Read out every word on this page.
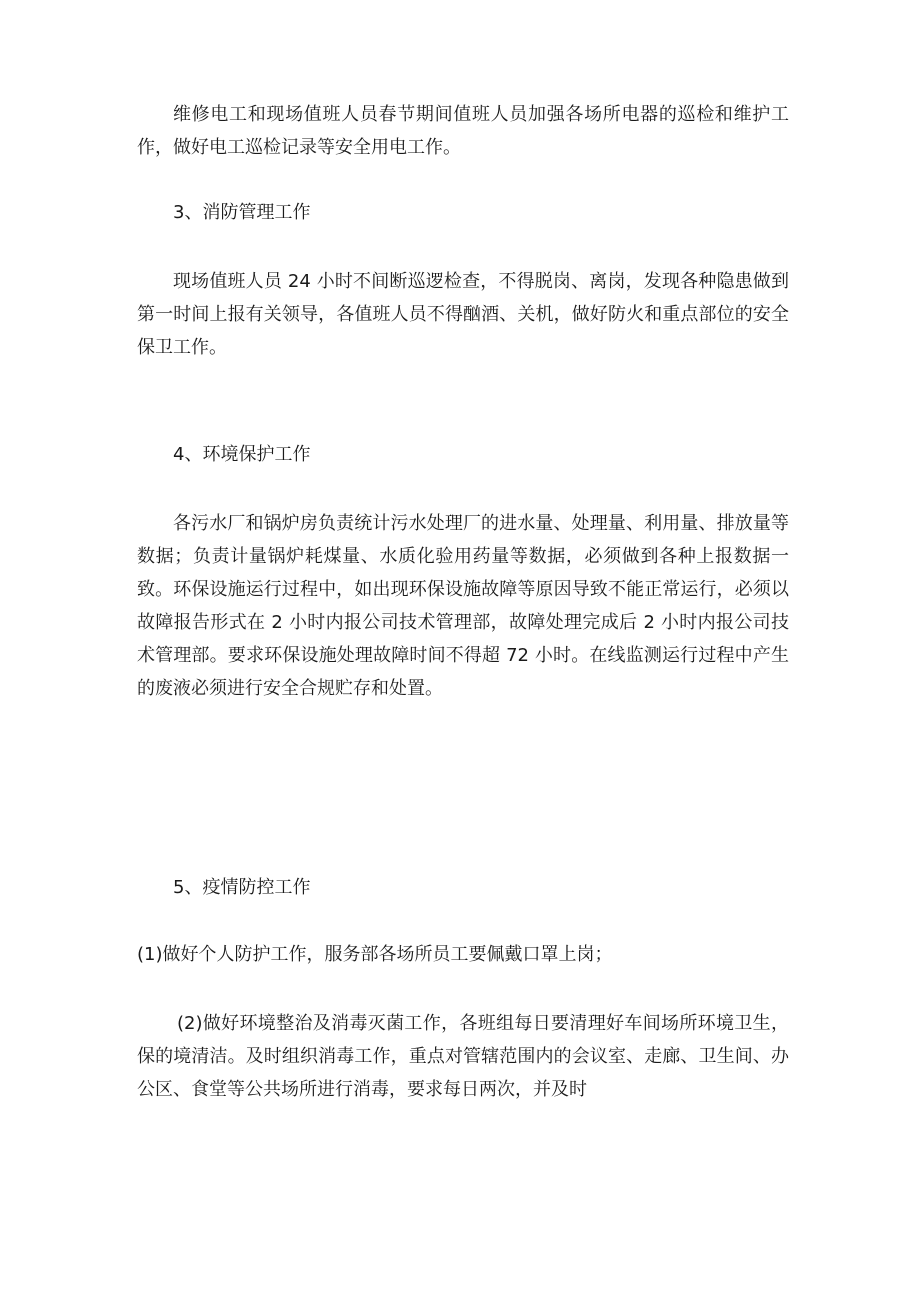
维修电工和现场值班人员春节期间值班人员加强各场所电器的巡检和维护工作，做好电工巡检记录等安全用电工作。

3、消防管理工作

现场值班人员 24 小时不间断巡逻检查，不得脱岗、离岗，发现各种隐患做到第一时间上报有关领导，各值班人员不得酗酒、关机，做好防火和重点部位的安全保卫工作。

4、环境保护工作

各污水厂和锅炉房负责统计污水处理厂的进水量、处理量、利用量、排放量等数据；负责计量锅炉耗煤量、水质化验用药量等数据，必须做到各种上报数据一致。环保设施运行过程中，如出现环保设施故障等原因导致不能正常运行，必须以故障报告形式在 2 小时内报公司技术管理部，故障处理完成后 2 小时内报公司技术管理部。要求环保设施处理故障时间不得超 72 小时。在线监测运行过程中产生的废液必须进行安全合规贮存和处置。

5、疫情防控工作

(1)做好个人防护工作，服务部各场所员工要佩戴口罩上岗；

(2)做好环境整治及消毒灭菌工作，各班组每日要清理好车间场所环境卫生，保的境清洁。及时组织消毒工作，重点对管辖范围内的会议室、走廊、卫生间、办公区、食堂等公共场所进行消毒，要求每日两次，并及时
